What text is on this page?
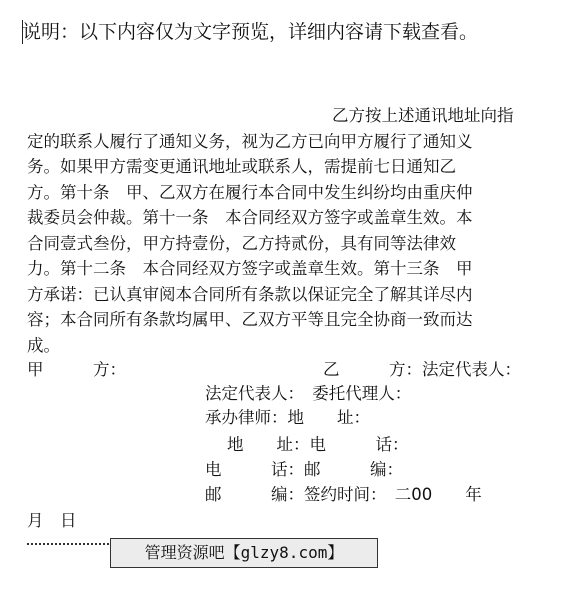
说明：以下内容仅为文字预览，详细内容请下载查看。
乙方按上述通讯地址向指
定的联系人履行了通知义务，视为乙方已向甲方履行了通知义
务。如果甲方需变更通讯地址或联系人，需提前七日通知乙
方。第十条　甲、乙双方在履行本合同中发生纠纷均由重庆仲
裁委员会仲裁。第十一条　本合同经双方签字或盖章生效。本
合同壹式叁份，甲方持壹份，乙方持贰份，具有同等法律效
力。第十二条　本合同经双方签字或盖章生效。第十三条　甲
方承诺：已认真审阅本合同所有条款以保证完全了解其详尽内
容；本合同所有条款均属甲、乙双方平等且完全协商一致而达
成。
甲　　　方：	乙　　　方：法定代表人：
法定代表人：　委托代理人：
承办律师：地　　址：
地　　址：电　　　话：
电　　　话：邮　　　编：
邮　　　编：签约时间：　二00　　年
月　日
管理资源吧【glzy8.com】
